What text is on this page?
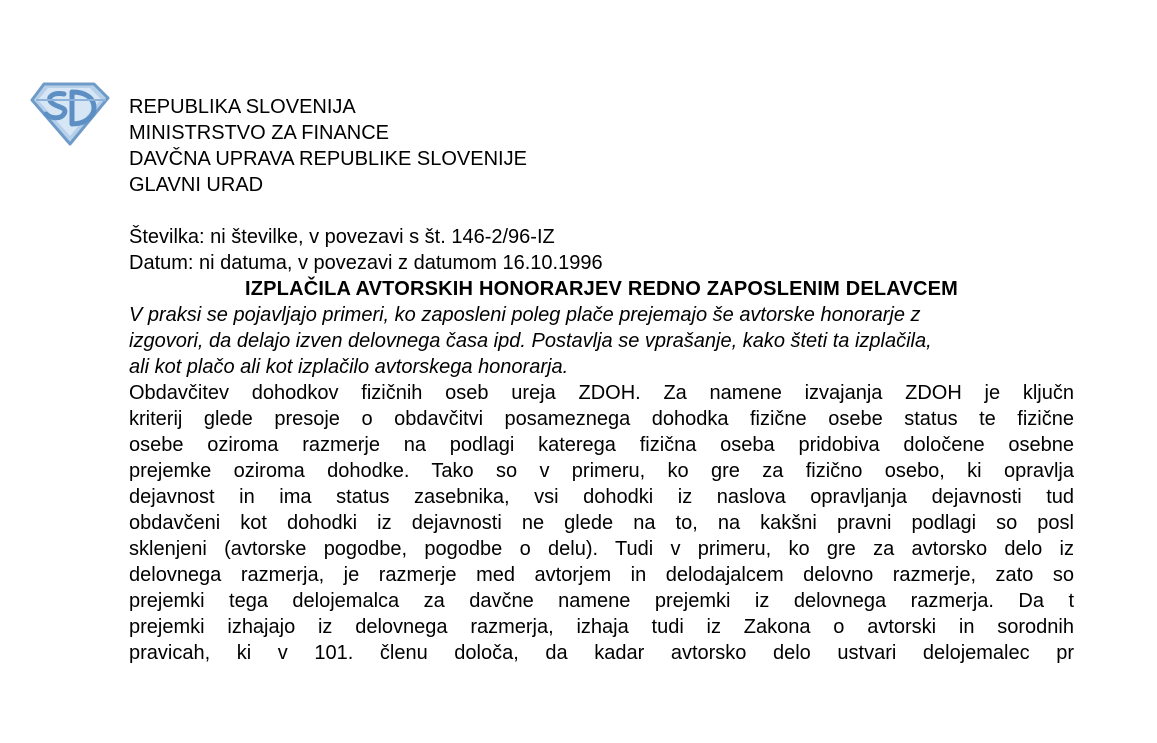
REPUBLIKA SLOVENIJA
MINISTRSTVO ZA FINANCE
DAVČNA UPRAVA REPUBLIKE SLOVENIJE
GLAVNI URAD
Številka: ni številke, v povezavi s št. 146-2/96-IZ
Datum: ni datuma, v povezavi z datumom 16.10.1996
IZPLAČILA AVTORSKIH HONORARJEV REDNO ZAPOSLENIM DELAVCEM
V praksi se pojavljajo primeri, ko zaposleni poleg plače prejemajo še avtorske honorarje z
izgovori, da delajo izven delovnega časa ipd. Postavlja se vprašanje, kako šteti ta izplačila,
ali kot plačo ali kot izplačilo avtorskega honorarja.
Obdavčitev dohodkov fizičnih oseb ureja ZDOH. Za namene izvajanja ZDOH je ključn
kriterij glede presoje o obdavčitvi posameznega dohodka fizične osebe status te fizične
osebe oziroma razmerje na podlagi katerega fizična oseba pridobiva določene osebne
prejemke oziroma dohodke. Tako so v primeru, ko gre za fizično osebo, ki opravlja
dejavnost in ima status zasebnika, vsi dohodki iz naslova opravljanja dejavnosti tud
obdavčeni kot dohodki iz dejavnosti ne glede na to, na kakšni pravni podlagi so posl
sklenjeni (avtorske pogodbe, pogodbe o delu). Tudi v primeru, ko gre za avtorsko delo iz
delovnega razmerja, je razmerje med avtorjem in delodajalcem delovno razmerje, zato so
prejemki tega delojemalca za davčne namene prejemki iz delovnega razmerja. Da t
prejemki izhajajo iz delovnega razmerja, izhaja tudi iz Zakona o avtorski in sorodnih
pravicah, ki v 101. členu določa, da kadar avtorsko delo ustvari delojemalec pr
